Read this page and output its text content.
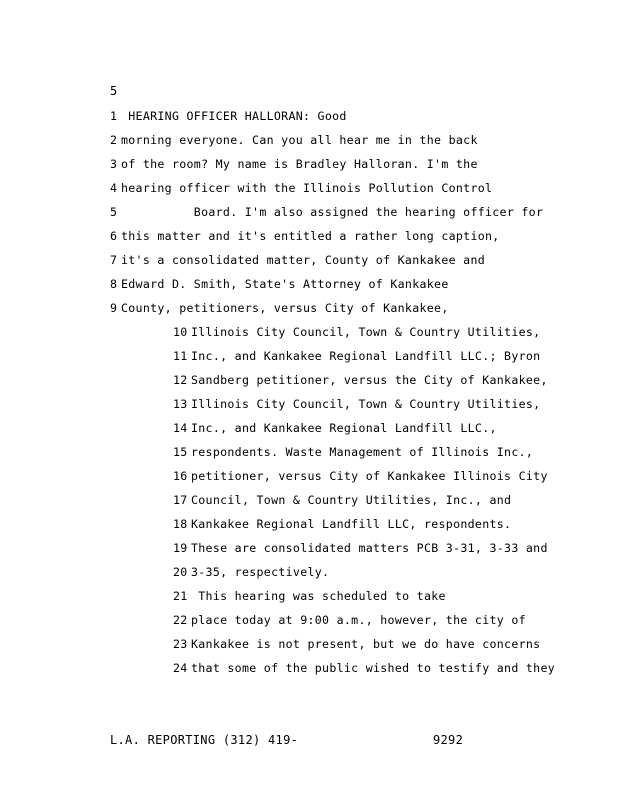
5
1 HEARING OFFICER HALLORAN: Good
2 morning everyone. Can you all hear me in the back
3 of the room? My name is Bradley Halloran. I'm the
4 hearing officer with the Illinois Pollution Control
5 Board. I'm also assigned the hearing officer for
6 this matter and it's entitled a rather long caption,
7 it's a consolidated matter, County of Kankakee and
8 Edward D. Smith, State's Attorney of Kankakee
9 County, petitioners, versus City of Kankakee,
10 Illinois City Council, Town & Country Utilities,
11 Inc., and Kankakee Regional Landfill LLC.; Byron
12 Sandberg petitioner, versus the City of Kankakee,
13 Illinois City Council, Town & Country Utilities,
14 Inc., and Kankakee Regional Landfill LLC.,
15 respondents. Waste Management of Illinois Inc.,
16 petitioner, versus City of Kankakee Illinois City
17 Council, Town & Country Utilities, Inc., and
18 Kankakee Regional Landfill LLC, respondents.
19 These are consolidated matters PCB 3-31, 3-33 and
20 3-35, respectively.
21 This hearing was scheduled to take
22 place today at 9:00 a.m., however, the city of
23 Kankakee is not present, but we do have concerns
24 that some of the public wished to testify and they
L.A. REPORTING (312) 419-	9292
